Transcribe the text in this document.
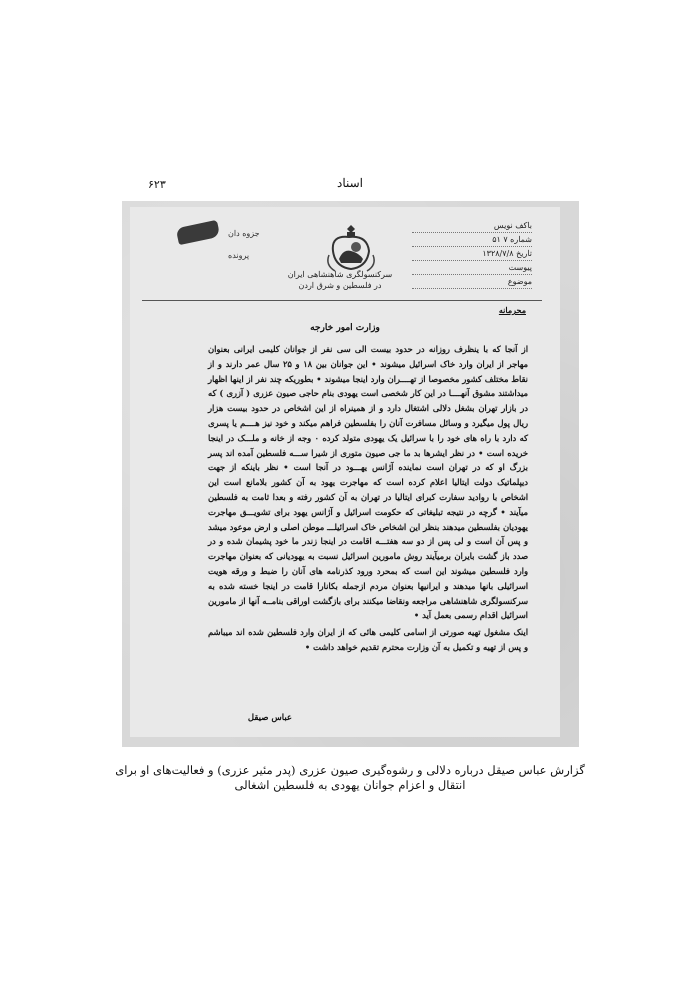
۶۲۳	اسناد
جزوه دان
پرونده
سرکنسولگری شاهنشاهی ایران
در فلسطین و شرق اردن
باکف نویس
شماره ۷ ۵۱
تاریخ ۱۳۲۸/۷/۸
پیوست
موضوع
محرمانه
وزارت امور خارجه

از آنجا که با ینظرف روزانه در حدود بیست الی سی نفر از جوانان کلیمی ایرانی بعنوان مهاجر از ایران وارد خاک اسرائیل میشوند • این جوانان بین ۱۸ و ۲۵ سال عمر دارند و از نقاط مختلف کشور مخصوصا از تهــــران وارد اینجا میشوند • بطوریکه چند نفر از اینها اظهار میداشتند مشوق آنهــــا در این کار شخصی است یهودی بنام حاجی صیون عزری ( آزری ) که در بازار تهران بشغل دلالی اشتغال دارد و از همینراه از این اشخاص در حدود بیست هزار ریال پول میگیرد و وسائل مسافرت آنان را بفلسطین فراهم میکند و خود نیز هــــم یا پسری که دارد با راه های خود را با سرائیل یک یهودی متولد کرده ۰ وجه از خانه و ملـــک در اینجا خریده است • در نظر ایشرها بد ما جی صیون متوری از شیرا ســـه فلسطین آمده اند پسر بزرگ او که در تهران است نماینده آژانس یهـــود در آنجا است • نظر باینکه از جهت دیپلماتیک دولت ایتالیا اعلام کرده است که مهاجرت یهود به آن کشور بلامانع است این اشخاص با روادید سفارت کبرای ایتالیا در تهران به آن کشور رفته و بعدا ثامت به فلسطین میآیند • گرچه در نتیجه تبلیغاتی که حکومت اسرائیل و آژانس یهود برای تشویـــق مهاجرت یهودیان بفلسطین میدهند بنظر این اشخاص خاک اسرائیلـــ موطن اصلی و ارض موعود میشد و پس آن است و لی پس از دو سه هفتـــه اقامت در اینجا زندر ما خود پشیمان شده و در صدد باز گشت بایران برمیآیند روش مامورین اسرائیل نسبت به یهودیانی که بعنوان مهاجرت وارد فلسطین میشوند این است که بمحرد ورود کذرنامه های آنان را ضبط و ورقه هویت اسرائیلی بانها میدهند و ایرانیها بعنوان مردم ازجمله بکانارا قامت در اینجا خسته شده به سرکنسولگری شاهنشاهی مراجعه ونقاضا میکنند برای بازگشت اوراقی بنامــه آنها از مامورین اسرائیل اقدام رسمی بعمل آید •

اینک مشغول تهیه صورتی از اسامی کلیمی هائی که از ایران وارد فلسطین شده اند میباشم و پس از تهیه و تکمیل به آن وزارت محترم تقدیم خواهد داشت •

عباس صیقل
گزارش عباس صیقل درباره دلالی و رشوه‌گیری صیون عزری (پدر مئیر عزری) و فعالیت‌های او برای
انتقال و اعزام جوانان یهودی به فلسطین اشغالی
